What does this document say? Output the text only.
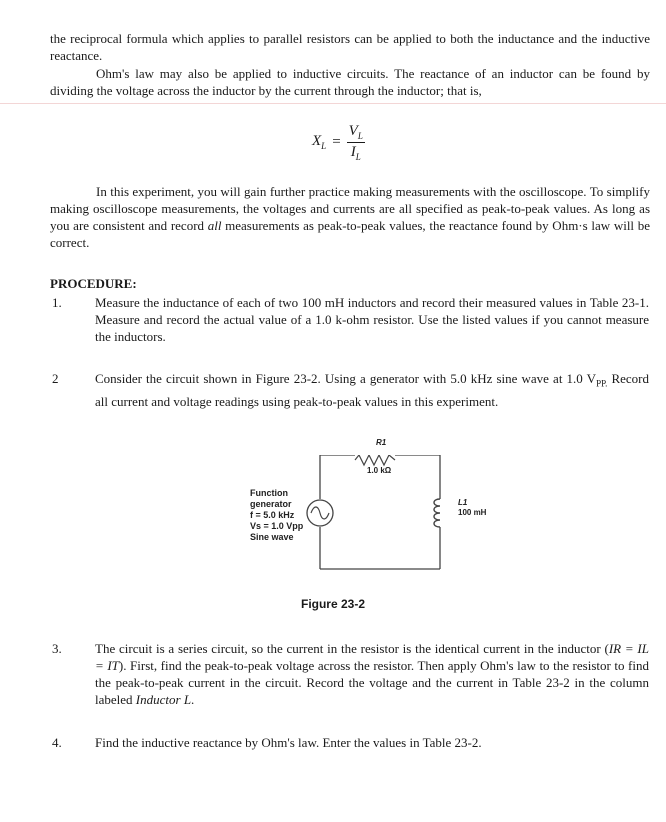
the reciprocal formula which applies to parallel resistors can be applied to both the inductance and the inductive reactance.

Ohm's law may also be applied to inductive circuits. The reactance of an inductor can be found by dividing the voltage across the inductor by the current through the inductor; that is,

$X_L = \frac{V_L}{I_L}$

In this experiment, you will gain further practice making measurements with the oscilloscope. To simplify making oscilloscope measurements, the voltages and currents are all specified as peak-to-peak values. As long as you are consistent and record all measurements as peak-to-peak values, the reactance found by Ohm·s law will be correct.

PROCEDURE:

1.	Measure the inductance of each of two 100 mH inductors and record their measured values in Table 23-1. Measure and record the actual value of a 1.0 k-ohm resistor. Use the listed values if you cannot measure the inductors.

2	Consider the circuit shown in Figure 23-2. Using a generator with 5.0 kHz sine wave at 1.0 $V_{PP.}$ Record all current and voltage readings using peak-to-peak values in this experiment.

R1
1.0 kΩ
L1
100 mH
Function
generator
f = 5.0 kHz
Vs = 1.0 Vpp
Sine wave

Figure 23-2

3.	The circuit is a series circuit, so the current in the resistor is the identical current in the inductor (IR = IL = IT). First, find the peak-to-peak voltage across the resistor. Then apply Ohm's law to the resistor to find the peak-to-peak current in the circuit. Record the voltage and the current in Table 23-2 in the column labeled Inductor L.

4.	Find the inductive reactance by Ohm's law. Enter the values in Table 23-2.
